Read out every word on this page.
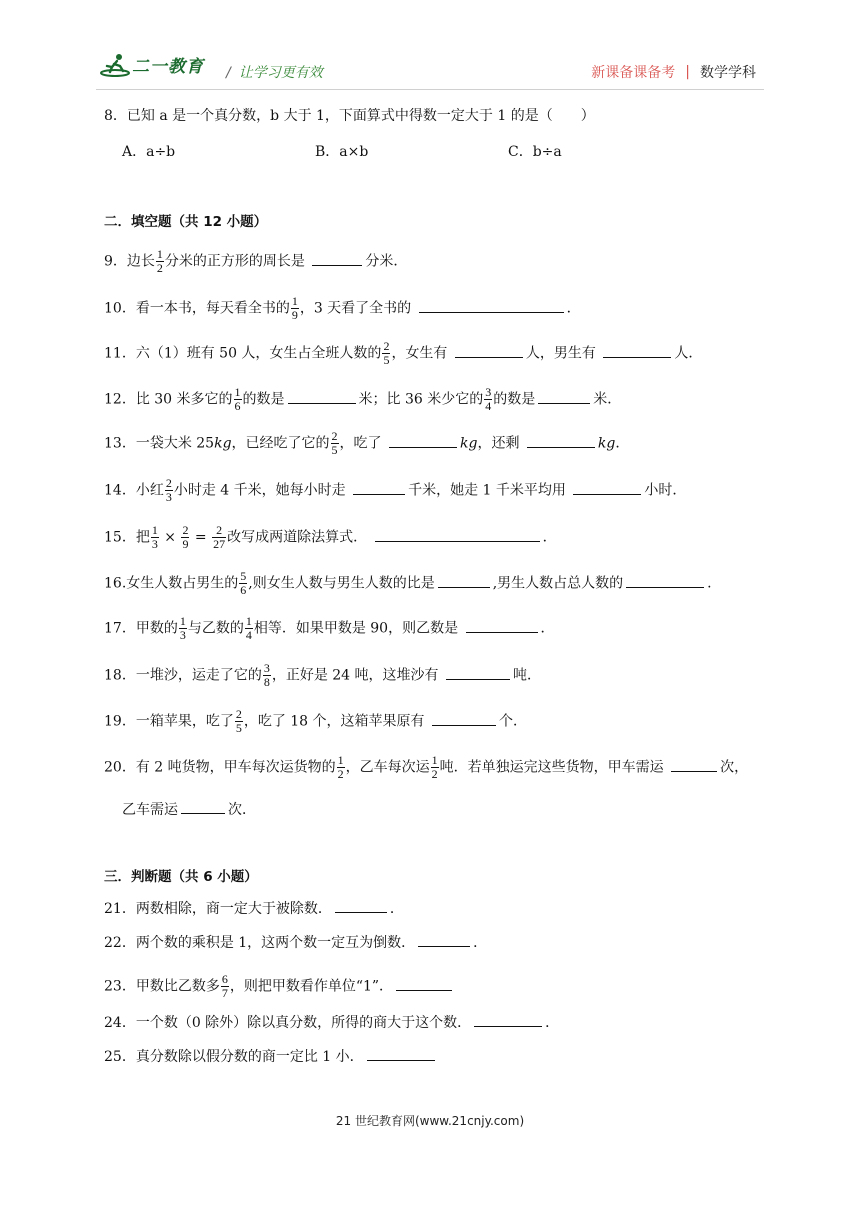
二一教育 / 让学习更有效	新课备课备考 | 数学学科
8．已知 a 是一个真分数，b 大于 1，下面算式中得数一定大于 1 的是（　　）
A．a÷b	B．a×b	C．b÷a
二．填空题（共 12 小题）
9．边长 $\frac{1}{2}$ 分米的正方形的周长是	分米．
10．看一本书，每天看全书的 $\frac{1}{9}$ ，3 天看了全书的	．
11．六（1）班有 50 人，女生占全班人数的 $\frac{2}{5}$ ，女生有	人，男生有	人．
12．比 30 米多它的 $\frac{1}{6}$ 的数是	米；比 36 米少它的 $\frac{3}{4}$ 的数是	米．
13．一袋大米 25kg，已经吃了它的 $\frac{2}{5}$ ，吃了	kg，还剩	kg．
14．小红 $\frac{2}{3}$ 小时走 4 千米，她每小时走	千米，她走 1 千米平均用	小时．
15．把 $\frac{1}{3} \times \frac{2}{9} = \frac{2}{27}$ 改写成两道除法算式．	．
16.女生人数占男生的 $\frac{5}{6}$ ,则女生人数与男生人数的比是	,男生人数占总人数的	.
17．甲数的 $\frac{1}{3}$ 与乙数的 $\frac{1}{4}$ 相等．如果甲数是 90，则乙数是	．
18．一堆沙，运走了它的 $\frac{3}{8}$ ，正好是 24 吨，这堆沙有	吨．
19．一箱苹果，吃了 $\frac{2}{5}$ ，吃了 18 个，这箱苹果原有	个．
20．有 2 吨货物，甲车每次运货物的 $\frac{1}{2}$ ，乙车每次运 $\frac{1}{2}$ 吨．若单独运完这些货物，甲车需运	次，
乙车需运	次．
三．判断题（共 6 小题）
21．两数相除，商一定大于被除数．	．
22．两个数的乘积是 1，这两个数一定互为倒数．	．
23．甲数比乙数多 $\frac{6}{7}$ ，则把甲数看作单位“1”．
24．一个数（0 除外）除以真分数，所得的商大于这个数．	．
25．真分数除以假分数的商一定比 1 小．
21 世纪教育网(www.21cnjy.com)
